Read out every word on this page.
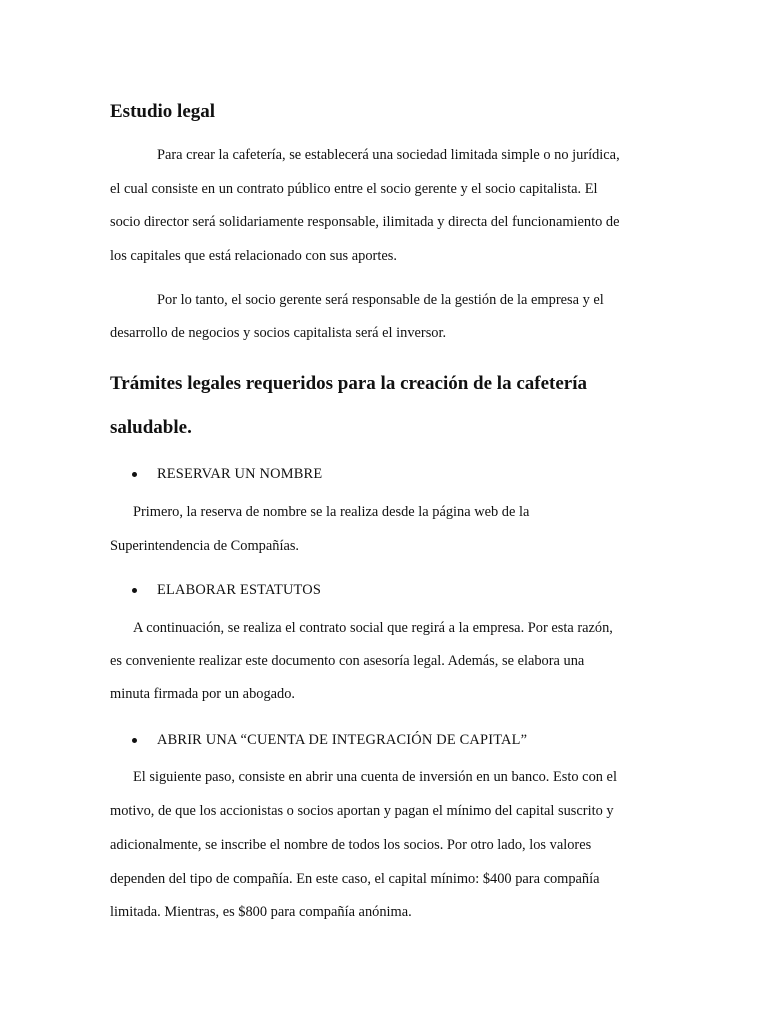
Estudio legal

Para crear la cafetería, se establecerá una sociedad limitada simple o no jurídica,

el cual consiste en un contrato público entre el socio gerente y el socio capitalista. El

socio director será solidariamente responsable, ilimitada y directa del funcionamiento de

los capitales que está relacionado con sus aportes.

Por lo tanto, el socio gerente será responsable de la gestión de la empresa y el

desarrollo de negocios y socios capitalista será el inversor.

Trámites legales requeridos para la creación de la cafetería saludable.
RESERVAR UN NOMBRE

Primero, la reserva de nombre se la realiza desde la página web de la

Superintendencia de Compañías.

ELABORAR ESTATUTOS

A continuación, se realiza el contrato social que regirá a la empresa. Por esta razón,

es conveniente realizar este documento con asesoría legal. Además, se elabora una

minuta firmada por un abogado.

ABRIR UNA “CUENTA DE INTEGRACIÓN DE CAPITAL”

El siguiente paso, consiste en abrir una cuenta de inversión en un banco. Esto con el

motivo, de que los accionistas o socios aportan y pagan el mínimo del capital suscrito y

adicionalmente, se inscribe el nombre de todos los socios. Por otro lado, los valores

dependen del tipo de compañía. En este caso, el capital mínimo: $400 para compañía

limitada. Mientras, es $800 para compañía anónima.
